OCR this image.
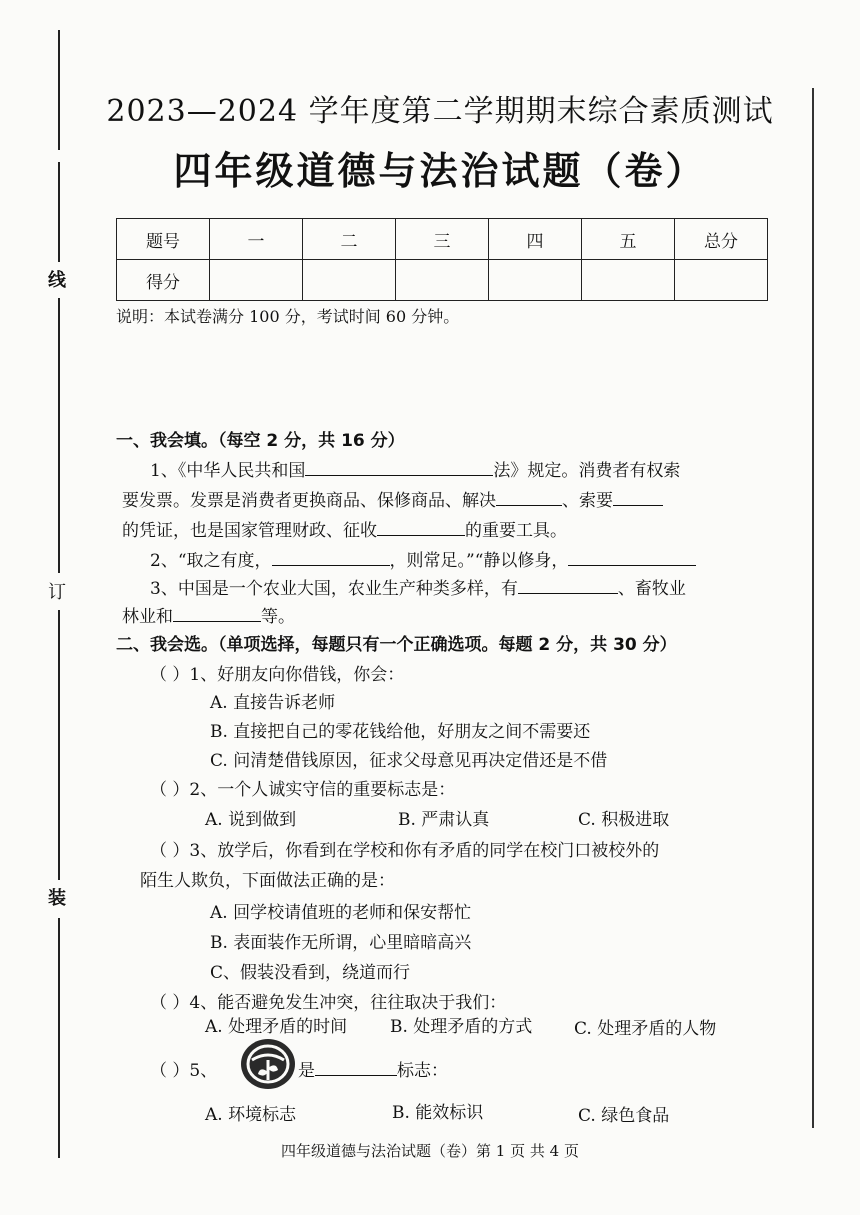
线
订
装
2023—2024 学年度第二学期期末综合素质测试
四年级道德与法治试题（卷）
题号	一	二	三	四	五	总分
得分						
说明：本试卷满分 100 分，考试时间 60 分钟。
一、我会填。（每空 2 分，共 16 分）
1、《中华人民共和国	法》规定。消费者有权索
要发票。发票是消费者更换商品、保修商品、解决	、索要
的凭证，也是国家管理财政、征收	的重要工具。
2、“取之有度，	，则常足。”“静以修身，
3、中国是一个农业大国，农业生产种类多样，有	、畜牧业
林业和	等。
二、我会选。（单项选择，每题只有一个正确选项。每题 2 分，共 30 分）
（ ）1、好朋友向你借钱，你会：
A. 直接告诉老师
B. 直接把自己的零花钱给他，好朋友之间不需要还
C. 问清楚借钱原因，征求父母意见再决定借还是不借
（ ）2、一个人诚实守信的重要标志是：
A. 说到做到	B. 严肃认真	C. 积极进取
（ ）3、放学后，你看到在学校和你有矛盾的同学在校门口被校外的
陌生人欺负，下面做法正确的是：
A. 回学校请值班的老师和保安帮忙
B. 表面装作无所谓，心里暗暗高兴
C、假装没看到，绕道而行
（ ）4、能否避免发生冲突，往往取决于我们：
A. 处理矛盾的时间	B. 处理矛盾的方式 C. 处理矛盾的人物
（ ）5、	是	标志：
A. 环境标志	B. 能效标识	C. 绿色食品
四年级道德与法治试题（卷）第 1 页 共 4 页
